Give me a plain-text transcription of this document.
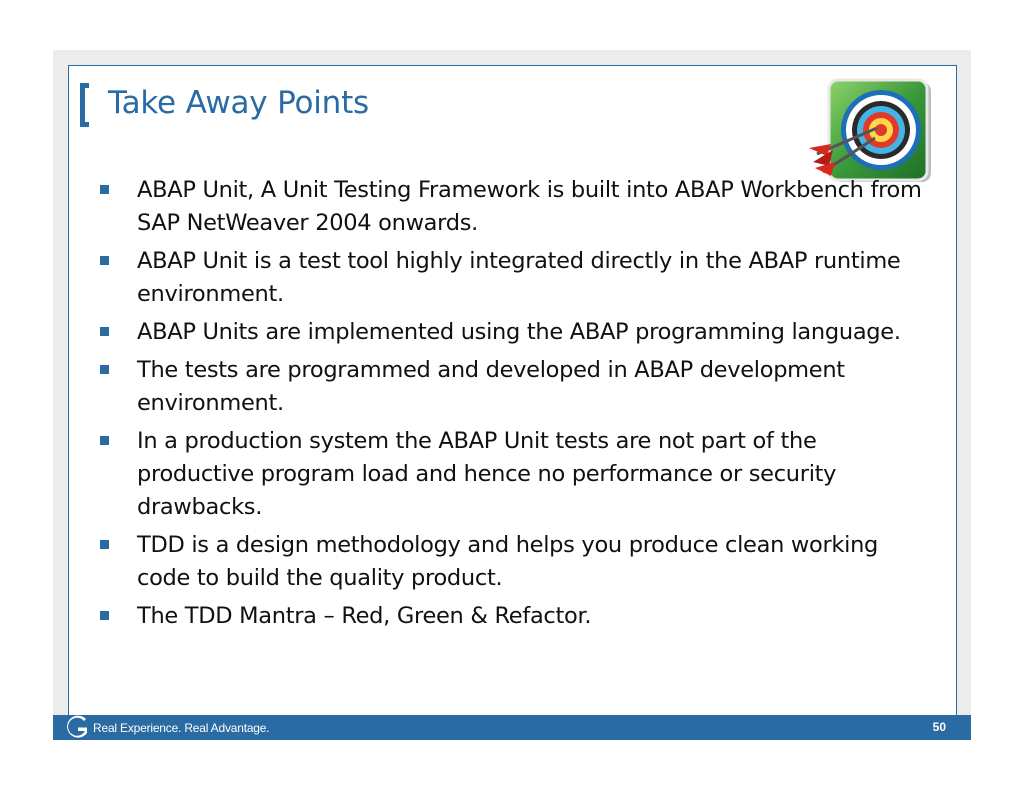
Take Away Points
ABAP Unit, A Unit Testing Framework is built into ABAP Workbench from SAP NetWeaver 2004 onwards.
ABAP Unit is a test tool highly integrated directly in the ABAP runtime environment.
ABAP Units are implemented using the ABAP programming language.
The tests are programmed and developed in ABAP development environment.
In a production system the ABAP Unit tests are not part of the productive program load and hence no performance or security drawbacks.
TDD is a design methodology and helps you produce clean working code to build the quality product.
The TDD Mantra – Red, Green & Refactor.
Real Experience. Real Advantage.	50
